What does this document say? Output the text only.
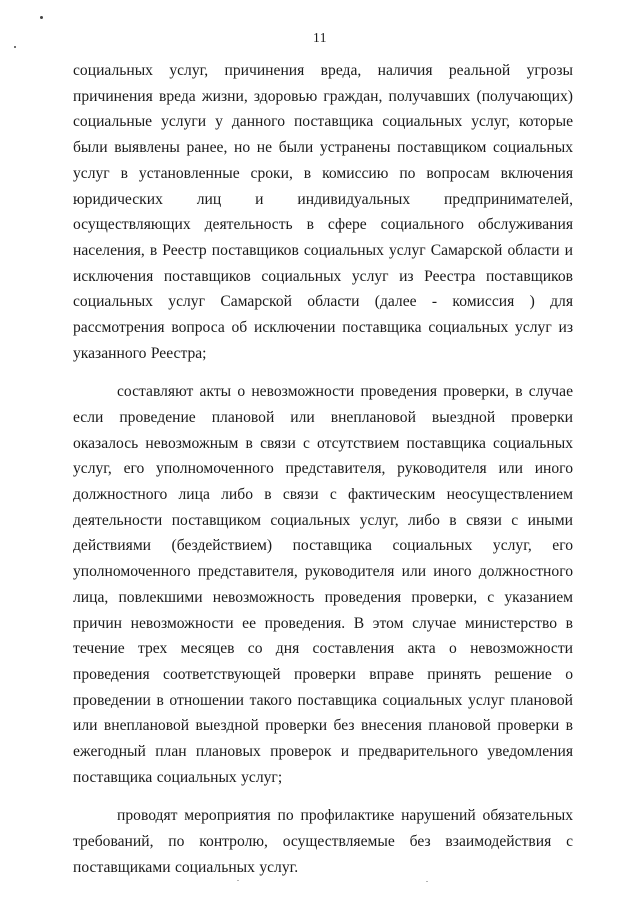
11

социальных услуг, причинения вреда, наличия реальной угрозы причинения вреда жизни, здоровью граждан, получавших (получающих) социальные услуги у данного поставщика социальных услуг, которые были выявлены ранее, но не были устранены поставщиком социальных услуг в установленные сроки, в комиссию по вопросам включения юридических лиц и индивидуальных предпринимателей, осуществляющих деятельность в сфере социального обслуживания населения, в Реестр поставщиков социальных услуг Самарской области и исключения поставщиков социальных услуг из Реестра поставщиков социальных услуг Самарской области (далее - комиссия ) для рассмотрения вопроса об исключении поставщика социальных услуг из указанного Реестра;

составляют акты о невозможности проведения проверки, в случае если проведение плановой или внеплановой выездной проверки оказалось невозможным в связи с отсутствием поставщика социальных услуг, его уполномоченного представителя, руководителя или иного должностного лица либо в связи с фактическим неосуществлением деятельности поставщиком социальных услуг, либо в связи с иными действиями (бездействием) поставщика социальных услуг, его уполномоченного представителя, руководителя или иного должностного лица, повлекшими невозможность проведения проверки, с указанием причин невозможности ее проведения. В этом случае министерство в течение трех месяцев со дня составления акта о невозможности проведения соответствующей проверки вправе принять решение о проведении в отношении такого поставщика социальных услуг плановой или внеплановой выездной проверки без внесения плановой проверки в ежегодный план плановых проверок и предварительного уведомления поставщика социальных услуг;

проводят мероприятия по профилактике нарушений обязательных требований, по контролю, осуществляемые без взаимодействия с поставщиками социальных услуг.
